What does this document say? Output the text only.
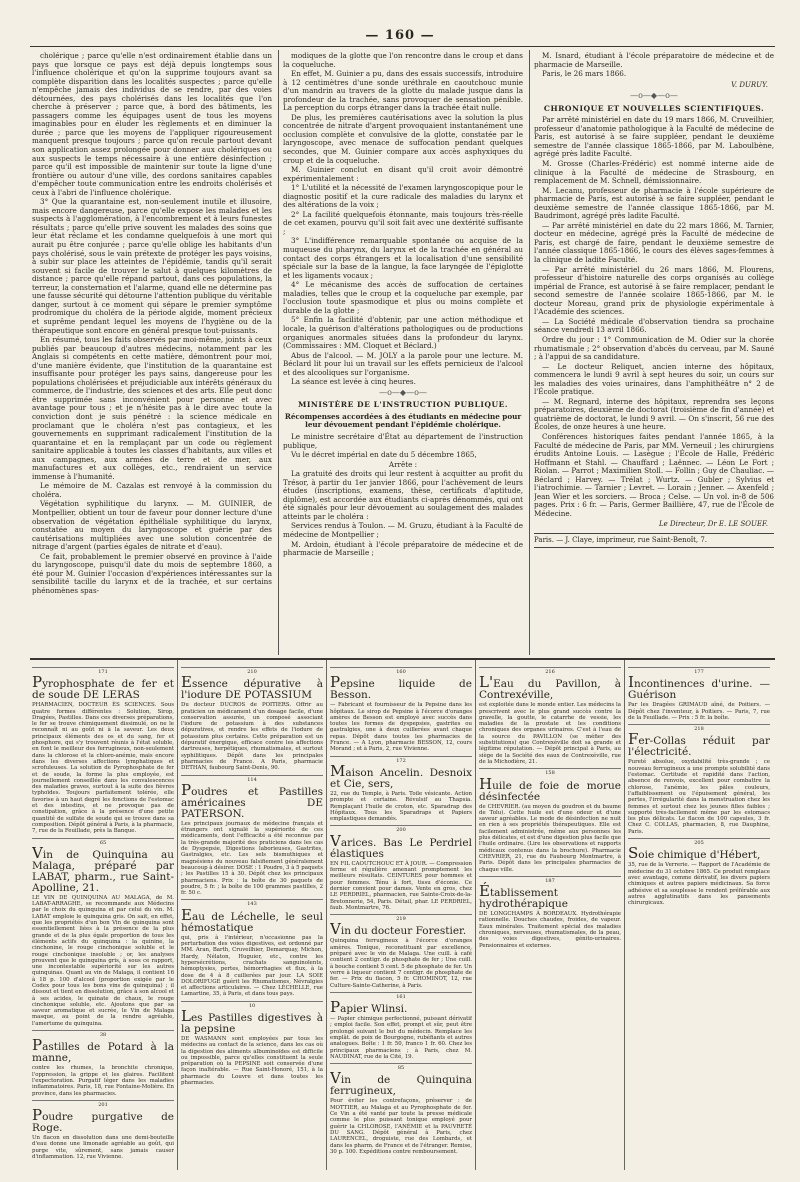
— 160 —

cholérique ; parce qu'elle n'est ordinairement établie dans un pays que lorsque ce pays est déjà depuis longtemps sous l'influence cholérique et qu'on la supprime toujours avant sa complète disparition dans les localités suspectes ; parce qu'elle n'empêche jamais des individus de se rendre, par des voies détournées, des pays cholérisés dans les localités que l'on cherche à préserver ; parce que, à bord des bâtiments, les passagers comme les équipages usent de tous les moyens imaginables pour en éluder les règlements et en diminuer la durée ; parce que les moyens de l'appliquer rigoureusement manquent presque toujours ; parce qu'on recule partout devant son application assez prolongée pour donner aux cholériques ou aux suspects le temps nécessaire à une entière désinfection ; parce qu'il est impossible de maintenir sur toute la ligne d'une frontière ou autour d'une ville, des cordons sanitaires capables d'empêcher toute communication entre les endroits cholérisés et ceux à l'abri de l'influence cholérique.

3° Que la quarantaine est, non-seulement inutile et illusoire, mais encore dangereuse, parce qu'elle expose les malades et les suspects à l'agglomération, à l'encombrement et à leurs funestes résultats ; parce qu'elle prive souvent les malades des soins que leur état réclame et les condamne quelquefois à une mort qui aurait pu être conjurée ; parce qu'elle oblige les habitants d'un pays cholérisé, sous le vain prétexte de protéger les pays voisins, à subir sur place les atteintes de l'épidémie, tandis qu'il serait souvent si facile de trouver le salut à quelques kilomètres de distance ; parce qu'elle répand partout, dans ces populations, la terreur, la consternation et l'alarme, quand elle ne détermine pas une fausse sécurité qui détourne l'attention publique du véritable danger, surtout à ce moment qui sépare le premier symptôme prodromique du choléra de la période algide, moment précieux et suprême pendant lequel les moyens de l'hygiène ou de la thérapeutique sont encore en général presque tout-puissants.

En résumé, tous les faits observés par moi-même, joints à ceux publiés par beaucoup d'autres médecins, notamment par les Anglais si compétents en cette matière, démontrent pour moi, d'une manière évidente, que l'institution de la quarantaine est insuffisante pour protéger les pays sains, dangereuse pour les populations cholérisées et préjudiciable aux intérêts généraux du commerce, de l'industrie, des sciences et des arts. Elle peut donc être supprimée sans inconvénient pour personne et avec avantage pour tous ; et je n'hésite pas à le dire avec toute la conviction dont je suis pénétré : la science médicale en proclamant que le choléra n'est pas contagieux, et les gouvernements en supprimant radicalement l'institution de la quarantaine et en la remplaçant par un code ou règlement sanitaire applicable à toutes les classes d'habitants, aux villes et aux campagnes, aux armées de terre et de mer, aux manufactures et aux collèges, etc., rendraient un service immense à l'humanité.

Le mémoire de M. Cazalas est renvoyé à la commission du choléra.

Végétation syphilitique du larynx. — M. GUINIER, de Montpellier, obtient un tour de faveur pour donner lecture d'une observation de végétation épithéliale syphilitique du larynx, constatée au moyen du laryngoscope et guérie par des cautérisations multipliées avec une solution concentrée de nitrage d'argent (parties égales de nitrate et d'eau).

Ce fait, probablement le premier observé en province à l'aide du laryngoscope, puisqu'il date du mois de septembre 1860, a été pour M. Guinier l'occasion d'expériences intéressantes sur la sensibilité tacille du larynx et de la trachée, et sur certains phénomènes spas-

modiques de la glotte que l'on rencontre dans le croup et dans la coqueluche.

En effet, M. Guinier a pu, dans des essais successifs, introduire à 12 centimètres d'une sonde uréthrale en caoutchouc munie d'un mandrin au travers de la glotte du malade jusque dans la profondeur de la trachée, sans provoquer de sensation pénible. La perception du corps étranger dans la trachée était nulle.

De plus, les premières cautérisations avec la solution la plus concentrée de nitrate d'argent provoquaient instantanément une occlusion complète et convulsive de la glotte, constatée par le laryngoscope, avec menace de suffocation pendant quelques secondes, que M. Guinier compare aux accès asphyxiques du croup et de la coqueluche.

M. Guinier conclut en disant qu'il croit avoir démontré expérimentalement :

1° L'utilité et la nécessité de l'examen laryngoscopique pour le diagnostic positif et la cure radicale des maladies du larynx et des altérations de la voix ;

2° La facilité quelquefois étonnante, mais toujours très-réelle de cet examen, pourvu qu'il soit fait avec une dextérité suffisante ;

3° L'indifférence remarquable spontanée ou acquise de la muqueuse du pharynx, du larynx et de la trachée en général au contact des corps étrangers et la localisation d'une sensibilité spéciale sur la base de la langue, la face laryngée de l'épiglotte et les ligaments vocaux ;

4° Le mécanisme des accès de suffocation de certaines maladies, telles que le croup et la coqueluche par exemple, par l'occlusion toute spasmodique et plus ou moins complète et durable de la glotte ;

5° Enfin la facilité d'obtenir, par une action méthodique et locale, la guérison d'altérations pathologiques ou de productions organiques anormales situées dans la profondeur du larynx. (Commissaires : MM. Cloquet et Béclard.)

Abus de l'alcool. — M. JOLY a la parole pour une lecture. M. Béclard lit pour lui un travail sur les effets pernicieux de l'alcool et des alcooliques sur l'organisme.

La séance est levée à cinq heures.

—o—◆—o—
MINISTÈRE DE L'INSTRUCTION PUBLIQUE.
Récompenses accordées à des étudiants en médecine pour leur dévouement pendant l'épidémie cholérique.

Le ministre secrétaire d'État au département de l'instruction publique,

Vu le décret impérial en date du 5 décembre 1865,

Arrête :

La gratuité des droits qui leur restent à acquitter au profit du Trésor, à partir du 1er janvier 1866, pour l'achèvement de leurs études (inscriptions, examens, thèse, certificats d'aptitude, diplôme), est accordée aux étudiants ci-après dénommés, qui ont été signalés pour leur dévouement au soulagement des malades atteints par le choléra :

Services rendus à Toulon. — M. Gruzu, étudiant à la Faculté de médecine de Montpellier ;

M. Ardoin, étudiant à l'école préparatoire de médecine et de pharmacie de Marseille ;

M. Isnard, étudiant à l'école préparatoire de médecine et de pharmacie de Marseille.

Paris, le 26 mars 1866.

V. DURUY.
—o—◆—o—
CHRONIQUE ET NOUVELLES SCIENTIFIQUES.

Par arrêté ministériel en date du 19 mars 1866, M. Cruveilhier, professeur d'anatomie pathologique à la Faculté de médecine de Paris, est autorisé à se faire suppléer, pendant le deuxième semestre de l'année classique 1865-1866, par M. Laboulbène, agrégé près ladite Faculté.

M. Grosse (Charles-Frédéric) est nommé interne aide de clinique à la Faculté de médecine de Strasbourg, en remplacement de M. Schnell, démissionnaire.

M. Lecanu, professeur de pharmacie à l'école supérieure de pharmacie de Paris, est autorisé à se faire suppléer, pendant le deuxième semestre de l'année classique 1865-1866, par M. Baudrimont, agrégé près ladite Faculté.

— Par arrêté ministériel en date du 22 mars 1866, M. Tarnier, docteur en médecine, agrégé près la Faculté de médecine de Paris, est chargé de faire, pendant le deuxième semestre de l'année classique 1865-1866, le cours des élèves sages-femmes à la clinique de ladite Faculté.

— Par arrêté ministériel du 26 mars 1866, M. Flourens, professeur d'histoire naturelle des corps organisés au collège impérial de France, est autorisé à se faire remplacer, pendant le second semestre de l'année scolaire 1865-1866, par M. le docteur Moreau, grand prix de physiologie expérimentale à l'Académie des sciences.

— La Société médicale d'observation tiendra sa prochaine séance vendredi 13 avril 1866.

Ordre du jour : 1° Communication de M. Odier sur la chorée rhumatismale ; 2° observation d'abcès du cerveau, par M. Sauné ; à l'appui de sa candidature.

— Le docteur Reliquet, ancien interne des hôpitaux, commencera le lundi 9 avril à sept heures du soir, un cours sur les maladies des voies urinaires, dans l'amphithéâtre n° 2 de l'École pratique.

— M. Regnard, interne des hôpitaux, reprendra ses leçons préparatoires, deuxième de doctorat (troisième de fin d'année) et quatrième de doctorat, le lundi 9 avril. — On s'inscrit, 56 rue des Écoles, de onze heures à une heure.

Conférences historiques faites pendant l'année 1865, à la Faculté de médecine de Paris, par MM. Verneuil ; les chirurgiens érudits Antoine Louis. — Lasègue ; l'École de Halle, Frédéric Hoffmann et Stahl. — Chauffard ; Laënnec. — Léon Le Fort ; Riolan. — Parrot ; Maximilien Stoll. — Follin ; Guy de Chauliac. — Béclard ; Harvey. — Trélat ; Wurtz. — Gubler ; Sylvius et l'iatrochimie. — Tarnier ; Levret. — Lorain ; Jenner. — Axenfeld ; Jean Wier et les sorciers. — Broca ; Celse. — Un vol. in-8 de 506 pages. Prix : 6 fr. — Paris, Germer Baillière, 47, rue de l'École de Médecine.

Le Directeur, Dr E. LE SOUEF.
Paris. — J. Claye, imprimeur, rue Saint-Benoît, 7.
171
Pyrophosphate de fer et de soude DE LERAS
PHARMACIEN, DOCTEUR ÈS SCIENCES. Sous quatre formes différentes : Solution, Sirop, Dragées, Pastilles. Dans ces diverses préparations, le fer se trouve chimiquement dissimulé, on ne le reconnaît ni au goût ni à la saveur. Les deux principaux éléments des os et du sang, fer et phosphore, qui s'y trouvent réunis à l'état soluble, en font le meilleur des ferrugineux, non-seulement dans la chlorose et la chloro-anémie, mais encore dans les diverses affections lymphatiques et scrofuleuses. La solution de Pyrophosphate de fer et de soude, la forme la plus employée, est journellement conseillée dans les convalescences des maladies graves, surtout à la suite des fièvres typhoïdes. Toujours parfaitement tolérée, elle favorise à un haut degré les fonctions de l'estomac et des intestins, et ne provoque pas de constipation, grâce à la présence d'une petite quantité de sulfate de soude qui se trouve dans sa composition. Dépôt général à Paris, à la pharmacie, 7, rue de la Feuillade, près la Banque.
65
Vin de Quinquina au Malaga, préparé par LABAT, pharm., rue Saint-Apolline, 21.
LE VIN DE QUINQUINA AU MALAGA, de M. LABAT-ARRAGHE, se recommande aux Médecins par le choix du quinquina et par celui du vin. M. LABAT emploie le quinquina gris. On sait, en effet, que les propriétés d'un bon Vin de quinquina sont essentiellement liées à la présence de la plus grande et de la plus égale proportion de tous les éléments actifs du quinquina : la quinine, la cinchonine, le rouge cinchonique soluble et le rouge cinchonique insoluble ; or, les analyses prouvent que le quinquina gris, à sous ce rapport, une incontestable supériorité sur les autres quinquinas. Quant au vin de Malaga, il contient 16 à 18 p. 100 d'alcool (proportion exigée par le Codex pour tous les bons vins de quinquina) ; il dissout et tient en dissolution, grâce à son alcool et à ses acides, le quinate de chaux, le rouge cinchonique soluble, etc. Ajoutons que par sa saveur aromatique et sucrée, le Vin de Malaga masque, au point de la rendre agréable, l'amertume du quinquina.
38
Pastilles de Potard à la manne,
contre les rhumes, la bronchite chronique, l'oppression, la grippe et les glaires. Facilitent l'expectoration. Purgatif léger dans les maladies inflammatoires. Paris, 18, rue Fontaine-Molière. En province, dans les pharmacies.
201
Poudre purgative de Roge.
Un flacon en dissolution dans une demi-bouteille d'eau donne une limonade agréable au goût, qui purge vite, sûrement, sans jamais causer d'inflammation. 12, rue Vivienne.
210
Essence dépurative à l'iodure DE POTASSIUM
Du docteur DUCROS de POITIERS. Offrir au praticien un médicament d'un dosage facile, d'une conservation assurée, un composé associant l'iodure de potassium à des substances dépuratives, et rendre les effets de l'iodure de potassium plus certains. Cette préparation est un dépuratif énergique, efficace contre les affections dartreuses, herpétiques, rhumatismales, et surtout syphilitiques. Dépôt dans les principales pharmacies de France. A Paris, pharmacie DETHAN, faubourg Saint-Denis, 90.
114
Poudres et Pastilles américaines DE PATERSON.
Les principaux journaux de médecine français et étrangers ont signalé la supériorité de ces médicaments, dont l'efficacité a été reconnue par la très-grande majorité des praticiens dans les cas de Dyspepsie, Digestions laborieuses, Gastrites, Gastralgies, etc. Les sels bismuthiques et magnésiens du nouveau falsifiement généralement beaucoup à désirer. DOSE : 1 Poudre, 3 à 5 paquets ; les Pastilles 15 à 30. Dépôt chez les principaux pharmaciens. Prix : la boîte de 30 paquets de poudre, 5 fr. ; la boîte de 100 grammes pastilles, 2 fr. 50 c.
143
Eau de Léchelle, le seul hémostatique
qui, pris à l'intérieur, n'occasionne pas la perturbation des voies digestives, est ordonné par MM. Aran, Barth, Cruveilhier, Demarquay, Michon, Hardy, Nélaton, Huguier, etc., contre les hypersécrétions, crachats sanguinolents, hémoptysies, pertes, hémorrhagies et flux, à la dose de 4 à 8 cuillerées par jour. LA SOIE DOLORIFUGE guérit les Rhumatismes, Névralgies et affections articulaires. — Chez LÉCHELLE, rue Lamartine, 35, à Paris, et dans tous pays.
10
Les Pastilles digestives à la pepsine
DE WASMANN sont employées par tous les médecins au contact de la science, dans les cas où la digestion des aliments albuminoïdes est difficile ou impossible, parce qu'elles constituent la seule préparation où la PEPSINE soit conservée d'une façon inaltérable. — Rue Saint-Honoré, 151, à la pharmacie du Louvre et dans toutes les pharmacies.
160
Pepsine liquide de Besson.
— Fabricant et fournisseur de la Pepsine dans les hôpitaux. Le sirop de Pepsine à l'écorce d'oranges amères de Besson est employé avec succès dans toutes les formes de dyspepsies, gastrites ou gastralgies, une à deux cuillerées avant chaque repas. Dépôt dans toutes les pharmacies de France. — A Lyon, pharmacie BESSON, 12, cours Morand ; et à Paris, 2, rue Vivienne.
172
Maison Ancelin. Desnoix et Cie, sers,
22, rue du Temple, à Paris. Toile vésicante. Action prompte et certaine. Révulsif au Thapsia. Remplaçant l'huile de croton, etc. Sparadrap des Hôpitaux. Tous les Sparadraps et Papiers emplastiques demandés.
200
Varices. Bas Le Perdriel élastiques
EN FIL CAOUTCHOUC ET À JOUR. — Compression ferme et régulière amenant promptement les meilleurs résultats. CEINTURES pour hommes et pour femmes. Ténu à fort, tissu d'éconie. Ce dernier convient pour dames. Vente en gros, chez LE PERDRIEL, pharmacien, rue Sainte-Croix-de-la-Bretonnerie, 54, Paris. Détail, phar. LE PERDRIEL, faub. Montmartre, 76.
219
Vin du docteur Forestier.
Quinquina ferrugineux à l'écorce d'oranges amères. Tonique, reconstituant par excellence, préparé avec le vin de Malaga. Une cuill. à café contient 2 centigr. de phosphate de fer ; Une cuill. à bouche contient 5 cent. 5 de phosphate de fer. Un verre à liqueur contient 7 centigr. de phosphate de fer. — Prix du flacon, 5 fr. CHOMINOT, 12, rue Culture-Sainte-Catherine, à Paris.
161
Papier Wlinsi.
— Papier chimique perfectionné, puissant dérivatif ; emploi facile. Son effet, prompt et sûr, peut être prolongé suivant le but du médecin. Remplace les emplât. de poix de Bourgogne, rubéfiants et autres analogues. Boîte : 1 fr. 50, franco 1 fr. 60. Chez les principaux pharmaciens ; à Paris, chez M. NAUDINAT, rue de la Cité, 19.
85
Vin de Quinquina ferrugineux,
Pour éviter les contrefaçons, préserver : de MOTTIER, au Malaga et au Pyrophosphate de fer. Ce Vin a été vanté par toute la presse médicale comme le plus puissant tonique employé pour guérir la CHLOROSE, l'ANÉMIE et la PAUVRETÉ DU SANG. Dépôt général à Paris, chez LAURENCEL, droguiste, rue des Lombards, et dans les pharm. de France et de l'étranger. Remise, 30 p. 100. Expéditions contre remboursement.
216
L'Eau du Pavillon, à Contrexéville,
est exploitée dans le monde entier. Les médecins la prescrivent avec le plus grand succès contre la gravelle, la goutte, le catarrhe de vessie, les maladies de la prostate et les conditions chroniques des organes urinaires. C'est à l'eau de la source du PAVILLON (se méfier des substitutions) que Contrexéville doit sa grande et légitime réputation. — Dépôt principal à Paris, au siège de la Société des eaux de Contrexéville, rue de la Michodière, 21.
158
Huile de foie de morue désinfectée
de CHEVRIER. (au moyen du goudron et du baume de Tolu). Cette huile est d'une odeur et d'une saveur agréables. Le mode de désinfection ne nuit en rien à ses propriétés thérapeutiques. Elle est facilement administrée, même aux personnes les plus délicates, et est d'une digestion plus facile que l'huile ordinaire. (Lire les observations et rapports médicaux contenus dans la brochure). Pharmacie CHEVRIER, 21, rue du Faubourg Montmartre, à Paris. Dépôt dans les principales pharmacies de chaque ville.
187
Établissement hydrothérapique
DE LONGCHAMPS À BORDEAUX. Hydrothérapie rationnelle. Douches chaudes, froides, de vapeur. Eaux minérales. Traitement spécial des maladies chroniques, nerveuses, rhumatismales, de la peau, des voies digestives, génito-urinaires. Pensionnaires et externes.
177
Incontinences d'urine. — Guérison
Par les Dragées GRIMAUD aîné, de Poitiers. — Dépôt chez l'inventeur, à Poitiers. — Paris, 7, rue de la Feuillade. — Prix : 5 fr. la boîte.
218
Fer-Collas réduit par l'électricité.
Pureté absolue, oxydabilité très-grande ; ce nouveau ferrugineux a une prompte solubilité dans l'estomac. Certitude et rapidité dans l'action, absence de renvois, excellent pour combattre la chlorose, l'anémie, les pâles couleurs, l'affaiblissement ou l'épuisement général, les pertes, l'irrégularité dans la menstruation chez les femmes et surtout chez les jeunes filles faibles ; supporté très-facilement même par les estomacs les plus délicats. Le flacon de 100 capsules, 3 fr. Chez C. COLLAS, pharmacien, 8, rue Dauphine, Paris.
205
Soie chimique d'Hébert,
35, rue de la Verrerie. — Rapport de l'Académie de médecine du 31 octobre 1865. Ce produit remplace avec avantage, comme dérivatif, les divers papiers chimiques et autres papiers médicinaux. Sa force adhésive et sa souplesse le rendent préférable aux autres agglutinatifs dans les pansements chirurgicaux.
